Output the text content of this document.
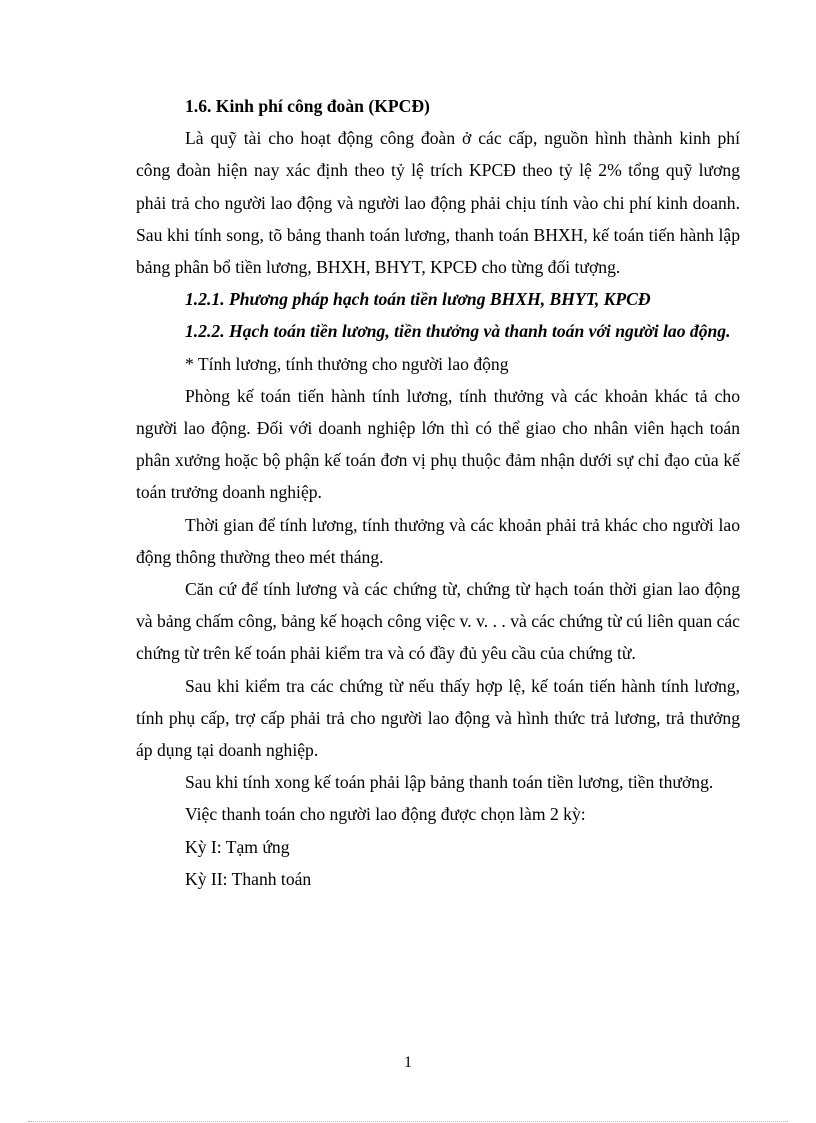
1.6. Kinh phí công đoàn (KPCĐ)

Là quỹ tài cho hoạt động công đoàn ở các cấp, nguồn hình thành kinh phí công đoàn hiện nay xác định theo tỷ lệ trích KPCĐ theo tỷ lệ 2% tổng quỹ lương phải trả cho người lao động và người lao động phải chịu tính vào chi phí kinh doanh. Sau khi tính song, tõ bảng thanh toán lương, thanh toán BHXH, kế toán tiến hành lập bảng phân bổ tiền lương, BHXH, BHYT, KPCĐ cho từng đối tượng.

1.2.1. Phương pháp hạch toán tiền lương BHXH, BHYT, KPCĐ

1.2.2. Hạch toán tiền lương, tiền thưởng và thanh toán với người lao động.

* Tính lương, tính thưởng cho người lao động

Phòng kế toán tiến hành tính lương, tính thưởng và các khoản khác tả cho người lao động. Đối với doanh nghiệp lớn thì có thể giao cho nhân viên hạch toán phân xưởng hoặc bộ phận kế toán đơn vị phụ thuộc đảm nhận dưới sự chỉ đạo của kế toán trưởng doanh nghiệp.

Thời gian để tính lương, tính thưởng và các khoản phải trả khác cho người lao động thông thường theo mét tháng.

Căn cứ để tính lương và các chứng từ, chứng từ hạch toán thời gian lao động và bảng chấm công, bảng kế hoạch công việc v. v. . . và các chứng từ cú liên quan các chứng từ trên kế toán phải kiểm tra và có đầy đủ yêu cầu của chứng từ.

Sau khi kiểm tra các chứng từ nếu thấy hợp lệ, kế toán tiến hành tính lương, tính phụ cấp, trợ cấp phải trả cho người lao động và hình thức trả lương, trả thưởng áp dụng tại doanh nghiệp.

Sau khi tính xong kế toán phải lập bảng thanh toán tiền lương, tiền thưởng.

Việc thanh toán cho người lao động được chọn làm 2 kỳ:

Kỳ I: Tạm ứng

Kỳ II: Thanh toán

1
